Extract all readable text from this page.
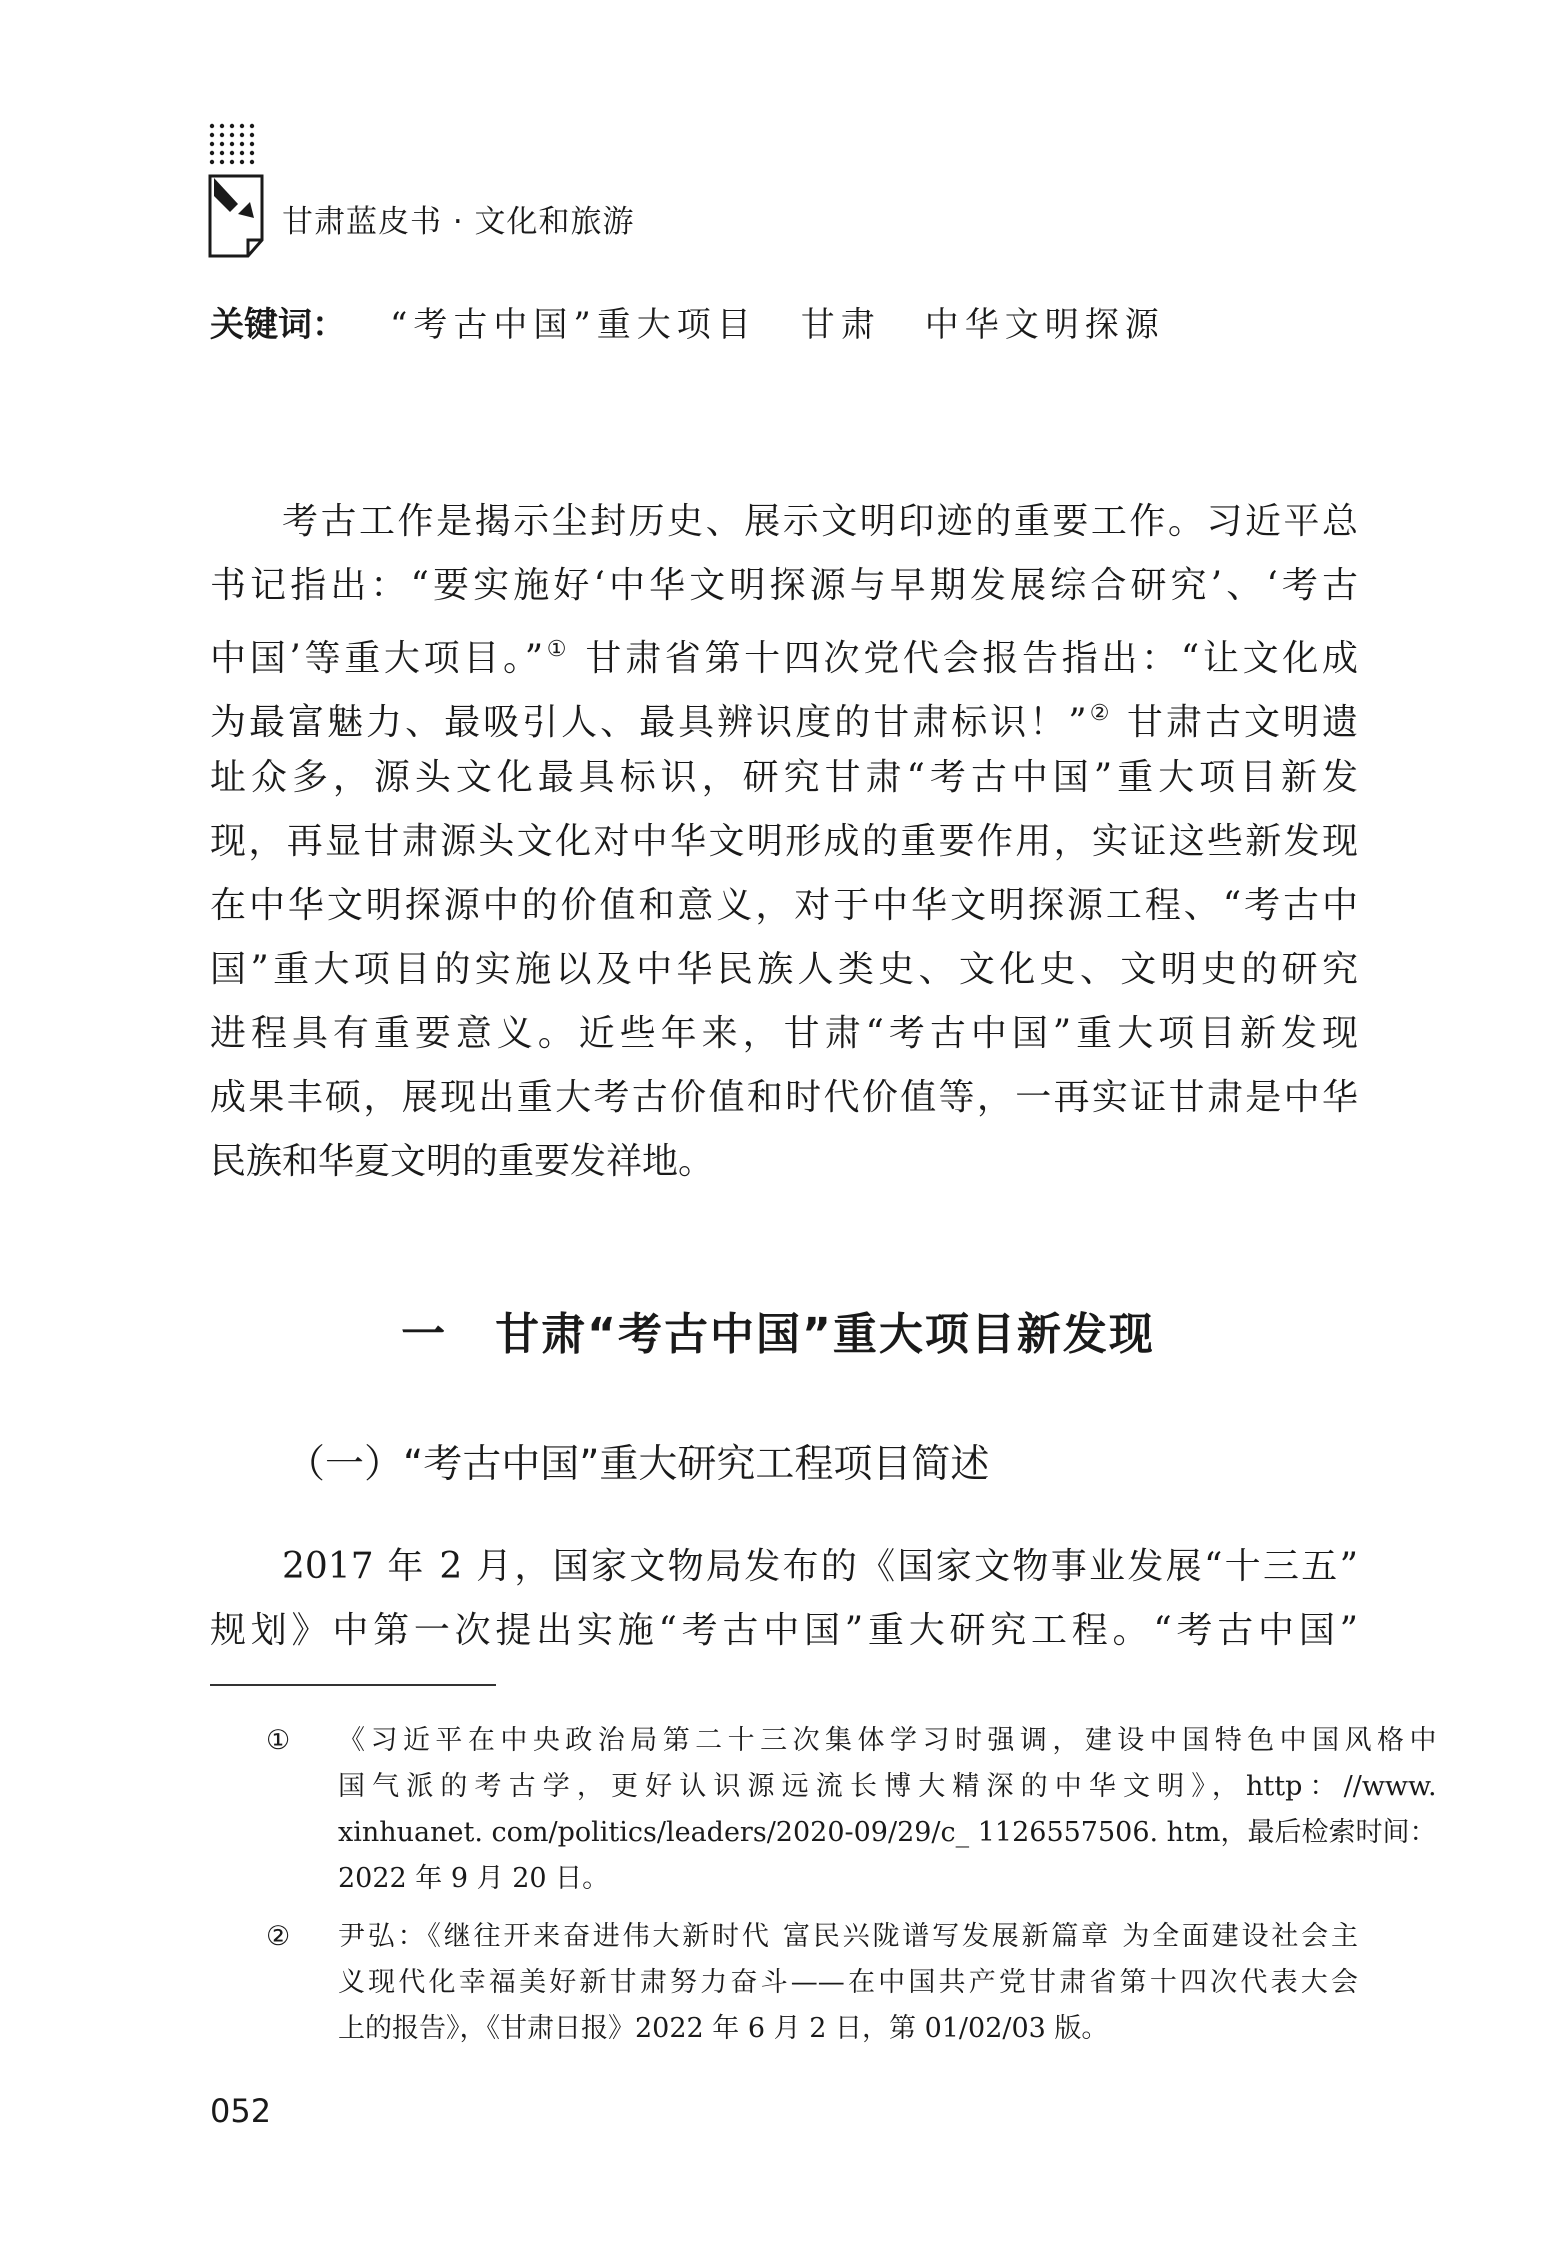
甘肃蓝皮书 · 文化和旅游
关键词： “考古中国”重大项目 甘肃 中华文明探源
考古工作是揭示尘封历史、展示文明印迹的重要工作。习近平总
书记指出：“要实施好‘中华文明探源与早期发展综合研究’、‘考古
中国’等重大项目。”① 甘肃省第十四次党代会报告指出：“让文化成
为最富魅力、最吸引人、最具辨识度的甘肃标识！”② 甘肃古文明遗
址众多，源头文化最具标识，研究甘肃“考古中国”重大项目新发
现，再显甘肃源头文化对中华文明形成的重要作用，实证这些新发现
在中华文明探源中的价值和意义，对于中华文明探源工程、“考古中
国”重大项目的实施以及中华民族人类史、文化史、文明史的研究
进程具有重要意义。近些年来，甘肃“考古中国”重大项目新发现
成果丰硕，展现出重大考古价值和时代价值等，一再实证甘肃是中华
民族和华夏文明的重要发祥地。
一 甘肃“考古中国”重大项目新发现
（一）“考古中国”重大研究工程项目简述
2017 年 2 月，国家文物局发布的《国家文物事业发展“十三五”
规划》中第一次提出实施“考古中国”重大研究工程。“考古中国”
①	《习近平在中央政治局第二十三次集体学习时强调，建设中国特色中国风格中
国气派的考古学，更好认识源远流长博大精深的中华文明》，http：//www.
xinhuanet. com/politics/leaders/2020-09/29/c_ 1126557506. htm，最后检索时间：
2022 年 9 月 20 日。
②	尹弘：《继往开来奋进伟大新时代 富民兴陇谱写发展新篇章 为全面建设社会主
义现代化幸福美好新甘肃努力奋斗——在中国共产党甘肃省第十四次代表大会
上的报告》，《甘肃日报》2022 年 6 月 2 日，第 01/02/03 版。
052
